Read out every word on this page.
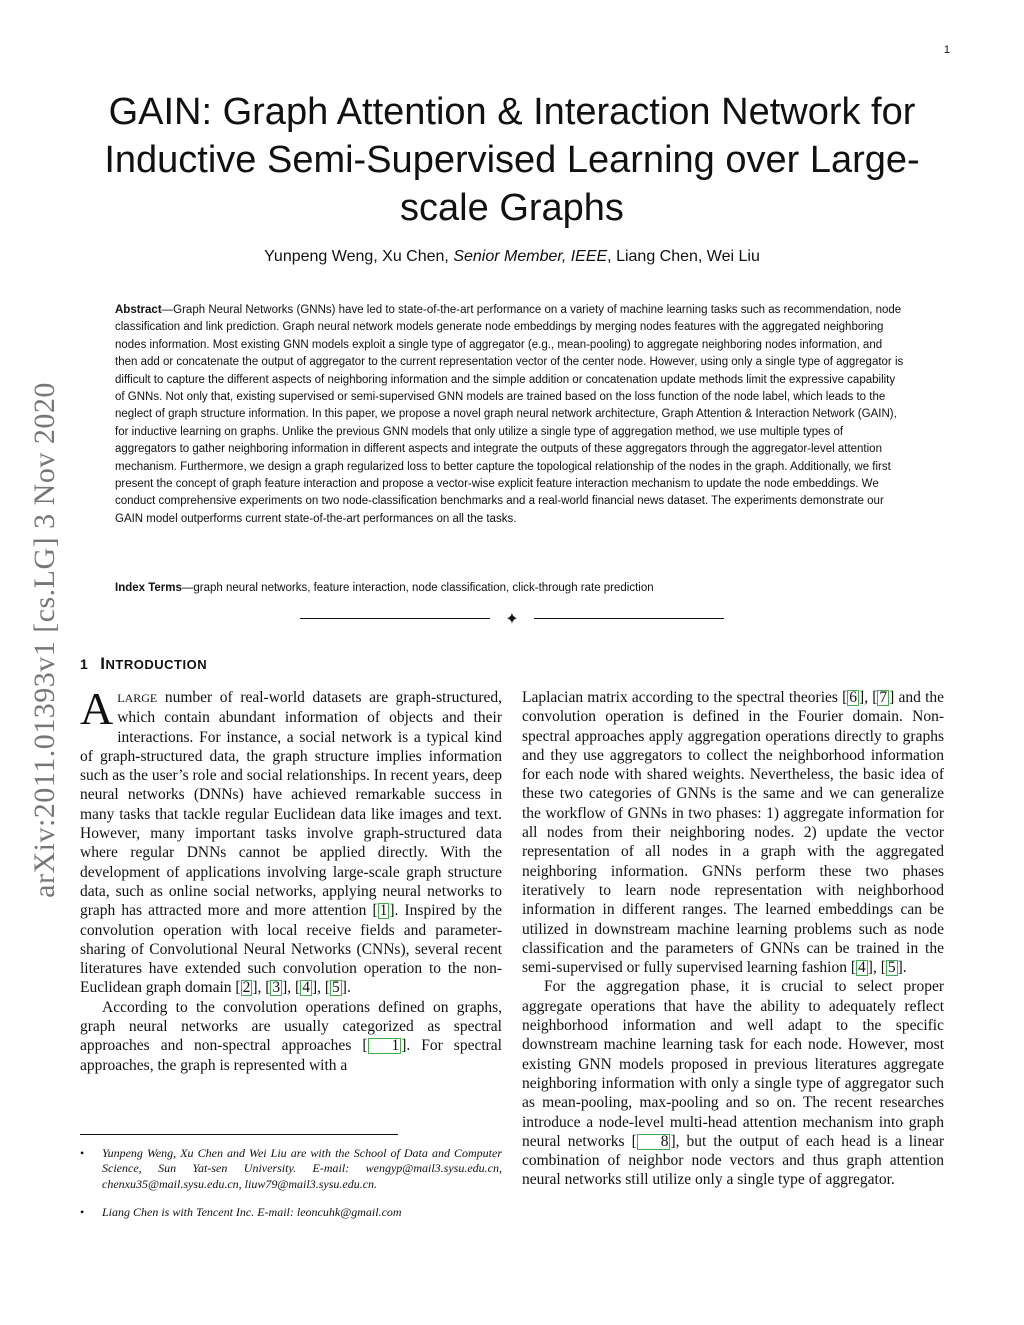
1
arXiv:2011.01393v1 [cs.LG] 3 Nov 2020
GAIN: Graph Attention & Interaction Network for Inductive Semi-Supervised Learning over Large-scale Graphs
Yunpeng Weng, Xu Chen, Senior Member, IEEE, Liang Chen, Wei Liu

Abstract—Graph Neural Networks (GNNs) have led to state-of-the-art performance on a variety of machine learning tasks such as recommendation, node classification and link prediction. Graph neural network models generate node embeddings by merging nodes features with the aggregated neighboring nodes information. Most existing GNN models exploit a single type of aggregator (e.g., mean-pooling) to aggregate neighboring nodes information, and then add or concatenate the output of aggregator to the current representation vector of the center node. However, using only a single type of aggregator is difficult to capture the different aspects of neighboring information and the simple addition or concatenation update methods limit the expressive capability of GNNs. Not only that, existing supervised or semi-supervised GNN models are trained based on the loss function of the node label, which leads to the neglect of graph structure information. In this paper, we propose a novel graph neural network architecture, Graph Attention & Interaction Network (GAIN), for inductive learning on graphs. Unlike the previous GNN models that only utilize a single type of aggregation method, we use multiple types of aggregators to gather neighboring information in different aspects and integrate the outputs of these aggregators through the aggregator-level attention mechanism. Furthermore, we design a graph regularized loss to better capture the topological relationship of the nodes in the graph. Additionally, we first present the concept of graph feature interaction and propose a vector-wise explicit feature interaction mechanism to update the node embeddings. We conduct comprehensive experiments on two node-classification benchmarks and a real-world financial news dataset. The experiments demonstrate our GAIN model outperforms current state-of-the-art performances on all the tasks.

Index Terms—graph neural networks, feature interaction, node classification, click-through rate prediction

✦
1 INTRODUCTION

ALARGE number of real-world datasets are graph-structured, which contain abundant information of objects and their interactions. For instance, a social network is a typical kind of graph-structured data, the graph structure implies information such as the user’s role and social relationships. In recent years, deep neural networks (DNNs) have achieved remarkable success in many tasks that tackle regular Euclidean data like images and text. However, many important tasks involve graph-structured data where regular DNNs cannot be applied directly. With the development of applications involving large-scale graph structure data, such as online social networks, applying neural networks to graph has attracted more and more attention [ 1 ]. Inspired by the convolution operation with local receive fields and parameter-sharing of Convolutional Neural Networks (CNNs), several recent literatures have extended such convolution operation to the non-Euclidean graph domain [ 2 ], [ 3 ], [ 4 ], [ 5 ].

According to the convolution operations defined on graphs, graph neural networks are usually categorized as spectral approaches and non-spectral approaches [ 1 ]. For spectral approaches, the graph is represented with a

• Yunpeng Weng, Xu Chen and Wei Liu are with the School of Data and Computer Science, Sun Yat-sen University. E-mail: wengyp@mail3.sysu.edu.cn, chenxu35@mail.sysu.edu.cn, liuw79@mail3.sysu.edu.cn.
• Liang Chen is with Tencent Inc. E-mail: leoncuhk@gmail.com

Laplacian matrix according to the spectral theories [ 6 ], [ 7 ] and the convolution operation is defined in the Fourier domain. Non-spectral approaches apply aggregation operations directly to graphs and they use aggregators to collect the neighborhood information for each node with shared weights. Nevertheless, the basic idea of these two categories of GNNs is the same and we can generalize the workflow of GNNs in two phases: 1) aggregate information for all nodes from their neighboring nodes. 2) update the vector representation of all nodes in a graph with the aggregated neighboring information. GNNs perform these two phases iteratively to learn node representation with neighborhood information in different ranges. The learned embeddings can be utilized in downstream machine learning problems such as node classification and the parameters of GNNs can be trained in the semi-supervised or fully supervised learning fashion [ 4 ], [ 5 ].

For the aggregation phase, it is crucial to select proper aggregate operations that have the ability to adequately reflect neighborhood information and well adapt to the specific downstream machine learning task for each node. However, most existing GNN models proposed in previous literatures aggregate neighboring information with only a single type of aggregator such as mean-pooling, max-pooling and so on. The recent researches introduce a node-level multi-head attention mechanism into graph neural networks [ 8 ], but the output of each head is a linear combination of neighbor node vectors and thus graph attention neural networks still utilize only a single type of aggregator.
